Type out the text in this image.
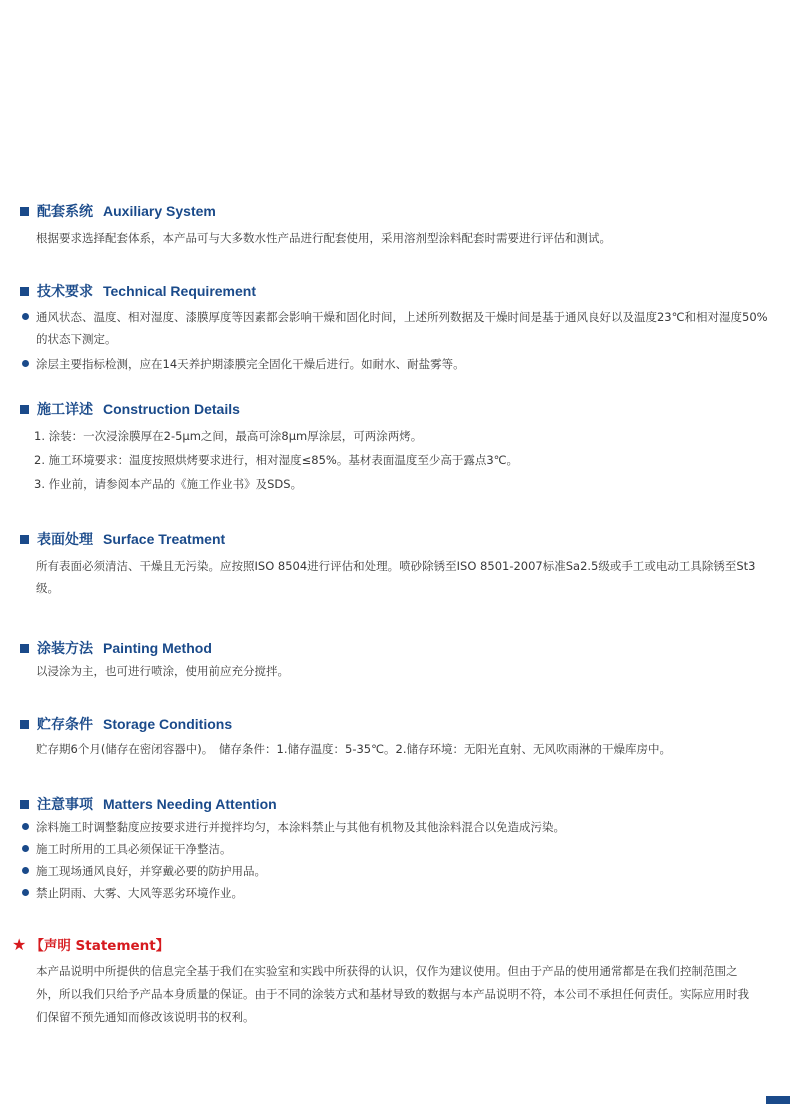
配套系统 Auxiliary System
根据要求选择配套体系，本产品可与大多数水性产品进行配套使用，采用溶剂型涂料配套时需要进行评估和测试。
技术要求 Technical Requirement
通风状态、温度、相对湿度、漆膜厚度等因素都会影响干燥和固化时间，上述所列数据及干燥时间是基于通风良好以及温度23℃和相对湿度50%的状态下测定。
涂层主要指标检测，应在14天养护期漆膜完全固化干燥后进行。如耐水、耐盐雾等。
施工详述 Construction Details
1. 涂装：一次浸涂膜厚在2-5μm之间，最高可涂8μm厚涂层，可两涂两烤。
2. 施工环境要求：温度按照烘烤要求进行，相对湿度≤85%。基材表面温度至少高于露点3℃。
3. 作业前，请参阅本产品的《施工作业书》及SDS。
表面处理 Surface Treatment
所有表面必须清洁、干燥且无污染。应按照ISO 8504进行评估和处理。喷砂除锈至ISO 8501-2007标准Sa2.5级或手工或电动工具除锈至St3级。
涂装方法 Painting Method
以浸涂为主，也可进行喷涂，使用前应充分搅拌。
贮存条件 Storage Conditions
贮存期6个月(储存在密闭容器中)。　储存条件：1.储存温度：5-35℃。2.储存环境：无阳光直射、无风吹雨淋的干燥库房中。
注意事项 Matters Needing Attention
涂料施工时调整黏度应按要求进行并搅拌均匀，本涂料禁止与其他有机物及其他涂料混合以免造成污染。
施工时所用的工具必须保证干净整洁。
施工现场通风良好，并穿戴必要的防护用品。
禁止阴雨、大雾、大风等恶劣环境作业。
★ 【声明 Statement】
本产品说明中所提供的信息完全基于我们在实验室和实践中所获得的认识，仅作为建议使用。但由于产品的使用通常都是在我们控制范围之外，所以我们只给予产品本身质量的保证。由于不同的涂装方式和基材导致的数据与本产品说明不符，本公司不承担任何责任。实际应用时我们保留不预先通知而修改该说明书的权利。
